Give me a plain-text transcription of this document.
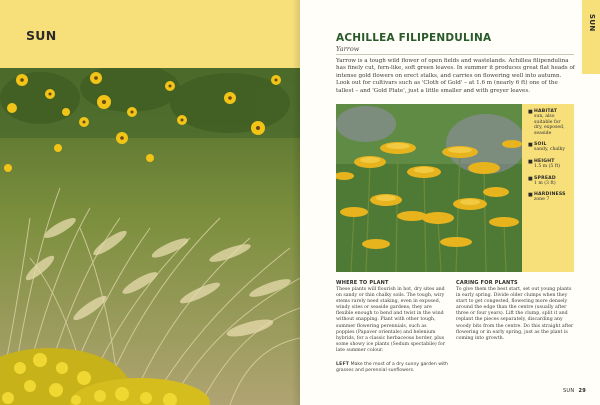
SUN
SUN
ACHILLEA FILIPENDULINA
Yarrow

Yarrow is a tough wild flower of open fields and wastelands. Achillea filipendulina has finely cut, fern-like, soft green leaves. In summer it produces great flat heads of intense gold flowers on erect stalks, and carries on flowering well into autumn.

Look out for cultivars such as 'Cloth of Gold' – at 1.6 m (nearly 6 ft) one of the tallest – and 'Gold Plate', just a little smaller and with greyer leaves.

■ HABITAT
sun, also suitable for dry, exposed, seaside
■ SOIL
sandy, chalky
■ HEIGHT
1.5 m (5 ft)
■ SPREAD
1 m (3 ft)
■ HARDINESS
zone 7
WHERE TO PLANT
These plants will flourish in hot, dry sites and on sandy or thin chalky soils. The tough, wiry stems rarely need staking, even in exposed, windy sites or seaside gardens; they are flexible enough to bend and twist in the wind without snapping. Plant with other tough, summer flowering perennials, such as poppies (Papaver orientale) and helenium hybrids, for a classic herbaceous border, plus some showy ice plants (Sedum spectabile) for late summer colour.
CARING FOR PLANTS
To give them the best start, set out young plants in early spring. Divide older clumps when they start to get congested, flowering more densely around the edge than the centre (usually after three or four years). Lift the clump, split it and replant the pieces separately, discarding any woody bits from the centre. Do this straight after flowering or in early spring, just as the plant is coming into growth.
LEFT Make the most of a dry sunny garden with grasses and perennial sunflowers.
SUN 29
